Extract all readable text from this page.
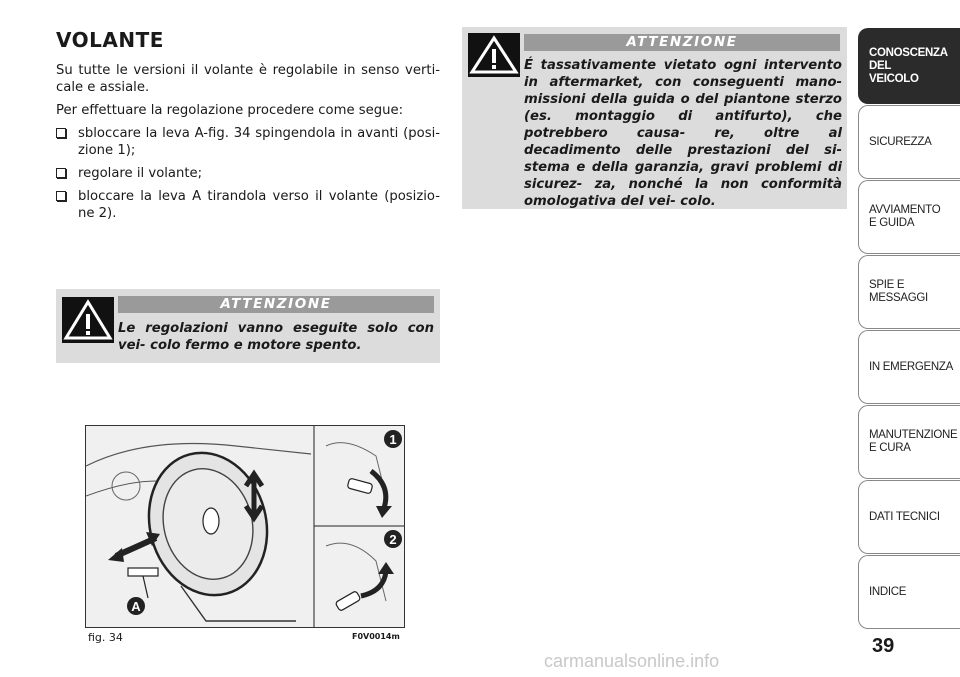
VOLANTE

Su tutte le versioni il volante è regolabile in senso verti- cale e assiale.

Per effettuare la regolazione procedere come segue:

sbloccare la leva A-fig. 34 spingendola in avanti (posi- zione 1);
regolare il volante;
bloccare la leva A tirandola verso il volante (posizio- ne 2).
ATTENZIONE
Le regolazioni vanno eseguite solo con vei- colo fermo e motore spento.
ATTENZIONE
É tassativamente vietato ogni intervento in aftermarket, con conseguenti mano- missioni della guida o del piantone sterzo (es. montaggio di antifurto), che potrebbero causa- re, oltre al decadimento delle prestazioni del si- stema e della garanzia, gravi problemi di sicurez- za, nonché la non conformità omologativa del vei- colo.
1
2
A
fig. 34	F0V0014m
CONOSCENZA
DEL
VEICOLO
SICUREZZA
AVVIAMENTO
E GUIDA
SPIE E
MESSAGGI
IN EMERGENZA
MANUTENZIONE
E CURA
DATI TECNICI
INDICE
39
carmanualsonline.info
